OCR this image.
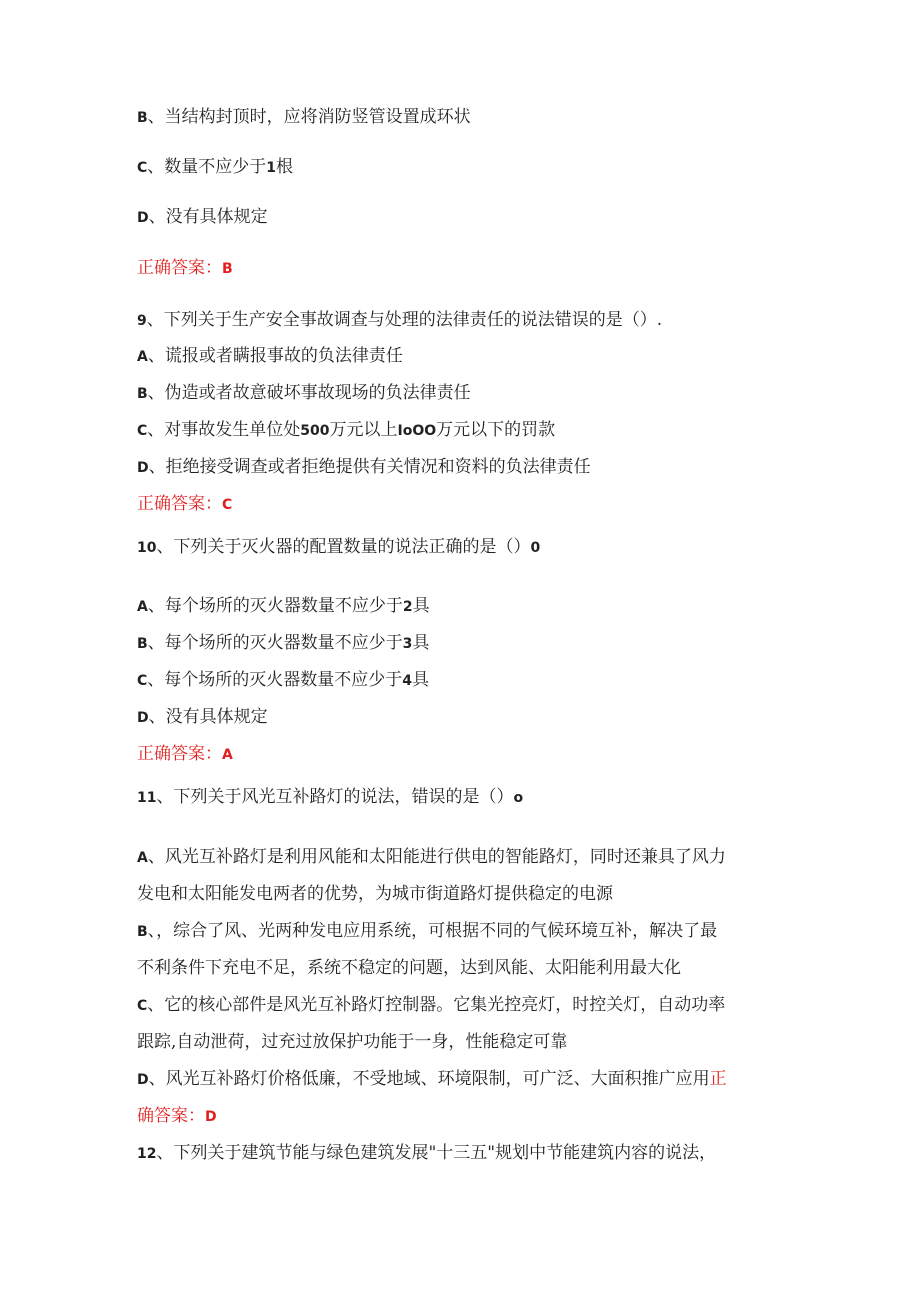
B、当结构封顶时，应将消防竖管设置成环状
C、数量不应少于1根
D、没有具体规定
正确答案：B
9、下列关于生产安全事故调查与处理的法律责任的说法错误的是（）.
A、谎报或者瞒报事故的负法律责任
B、伪造或者故意破坏事故现场的负法律责任
C、对事故发生单位处500万元以上IoOO万元以下的罚款
D、拒绝接受调查或者拒绝提供有关情况和资料的负法律责任
正确答案：C
10、下列关于灭火器的配置数量的说法正确的是（）0
A、每个场所的灭火器数量不应少于2具
B、每个场所的灭火器数量不应少于3具
C、每个场所的灭火器数量不应少于4具
D、没有具体规定
正确答案：A
11、下列关于风光互补路灯的说法，错误的是（）o
A、风光互补路灯是利用风能和太阳能进行供电的智能路灯，同时还兼具了风力
发电和太阳能发电两者的优势，为城市街道路灯提供稳定的电源
B、，综合了风、光两种发电应用系统，可根据不同的气候环境互补，解决了最
不利条件下充电不足，系统不稳定的问题，达到风能、太阳能利用最大化
C、它的核心部件是风光互补路灯控制器。它集光控亮灯，时控关灯，自动功率
跟踪,自动泄荷，过充过放保护功能于一身，性能稳定可靠
D、风光互补路灯价格低廉，不受地域、环境限制，可广泛、大面积推广应用正
确答案：D
12、下列关于建筑节能与绿色建筑发展"十三五"规划中节能建筑内容的说法，
